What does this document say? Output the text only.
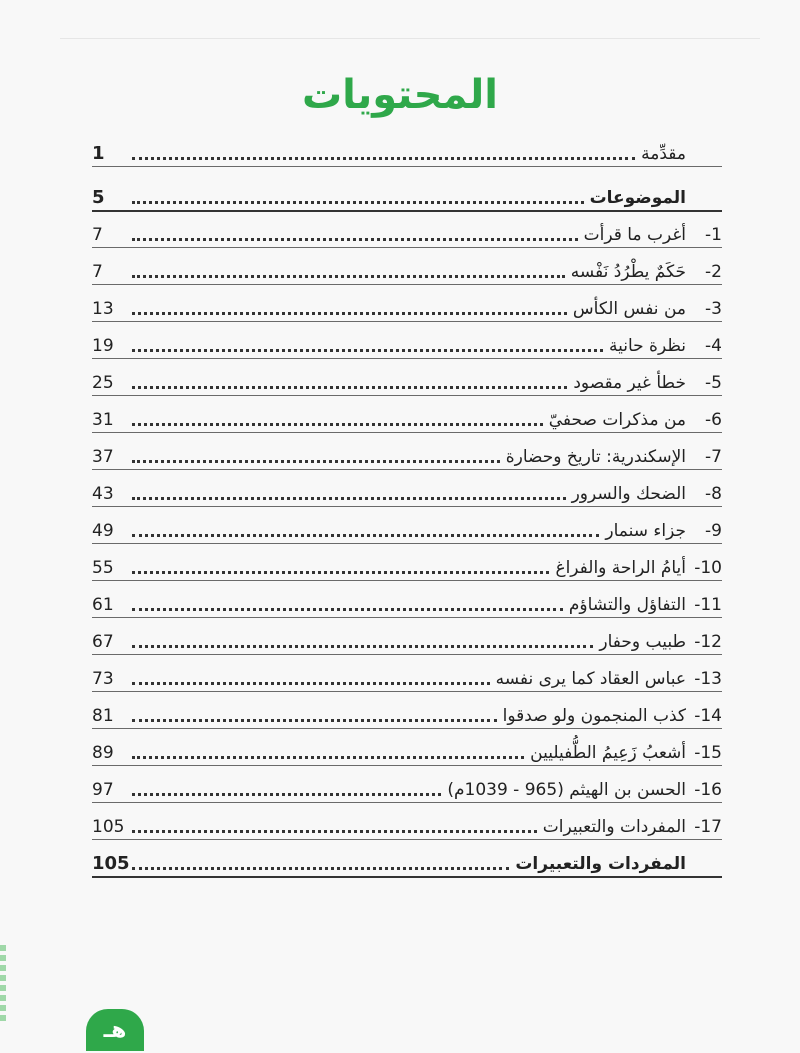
المحتويات
مقدِّمة
1
الموضوعات
5
1-
أغرب ما قرأت
7
2-
حَكَمٌ يطْرُدُ نَفْسه
7
3-
من نفس الكأس
13
4-
نظرة حانية
19
5-
خطأ غير مقصود
25
6-
من مذكرات صحفيّ
31
7-
الإسكندرية: تاريخ وحضارة
37
8-
الضحك والسرور
43
9-
جزاء سنمار
49
10-
أيامُ الراحة والفراغ
55
11-
التفاؤل والتشاؤم
61
12-
طبيب وحفار
67
13-
عباس العقاد كما يرى نفسه
73
14-
كذب المنجمون ولو صدقوا
81
15-
أشعبُ زَعِيمُ الطُّفيليين
89
16-
الحسن بن الهيثم (965 - 1039م)
97
17-
المفردات والتعبيرات
105
المفردات والتعبيرات
105
هـ
